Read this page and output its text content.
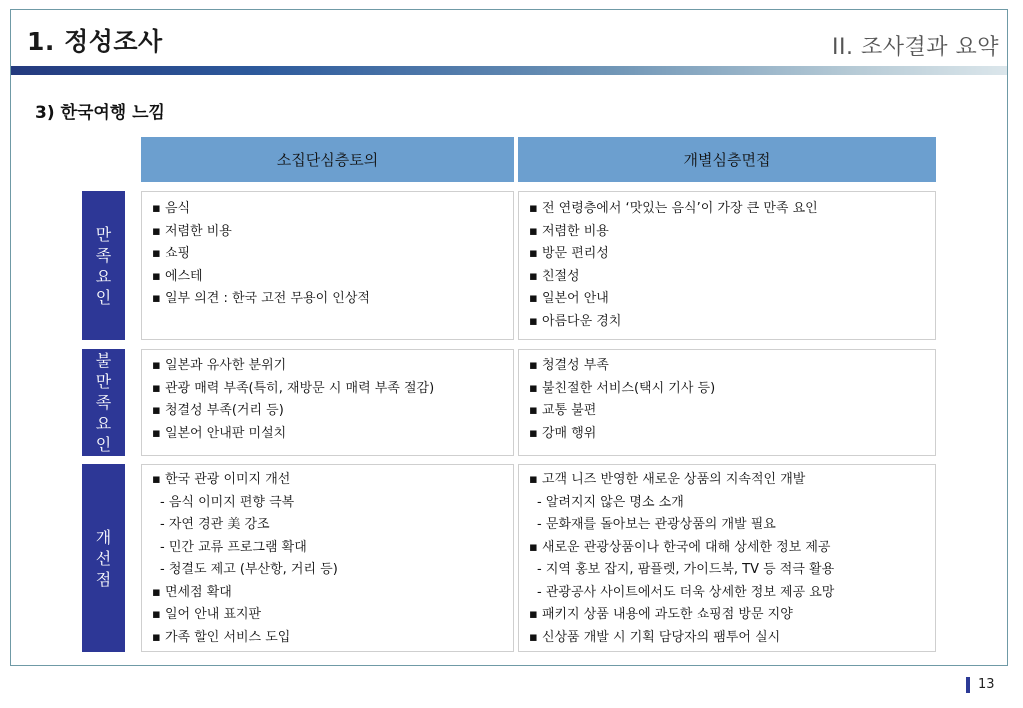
1. 정성조사	II. 조사결과 요약
3) 한국여행 느낌
소집단심층토의	개별심층면접
만족 요인
▪ 음식
▪ 저렴한 비용
▪ 쇼핑
▪ 에스테
▪ 일부 의견 : 한국 고전 무용이 인상적
▪ 전 연령층에서 ‘맛있는 음식’이 가장 큰 만족 요인
▪ 저렴한 비용
▪ 방문 편리성
▪ 친절성
▪ 일본어 안내
▪ 아름다운 경치
불만족 요인
▪ 일본과 유사한 분위기
▪ 관광 매력 부족(특히, 재방문 시 매력 부족 절감)
▪ 청결성 부족(거리 등)
▪ 일본어 안내판 미설치
▪ 청결성 부족
▪ 불친절한 서비스(택시 기사 등)
▪ 교통 불편
▪ 강매 행위
개선점
▪ 한국 관광 이미지 개선
- 음식 이미지 편향 극복
- 자연 경관 美 강조
- 민간 교류 프로그램 확대
- 청결도 제고 (부산항, 거리 등)
▪ 면세점 확대
▪ 일어 안내 표지판
▪ 가족 할인 서비스 도입
▪ 고객 니즈 반영한 새로운 상품의 지속적인 개발
- 알려지지 않은 명소 소개
- 문화재를 돌아보는 관광상품의 개발 필요
▪ 새로운 관광상품이나 한국에 대해 상세한 정보 제공
- 지역 홍보 잡지, 팜플렛, 가이드북, TV 등 적극 활용
- 관광공사 사이트에서도 더욱 상세한 정보 제공 요망
▪ 패키지 상품 내용에 과도한 쇼핑점 방문 지양
▪ 신상품 개발 시 기획 담당자의 팸투어 실시
13
